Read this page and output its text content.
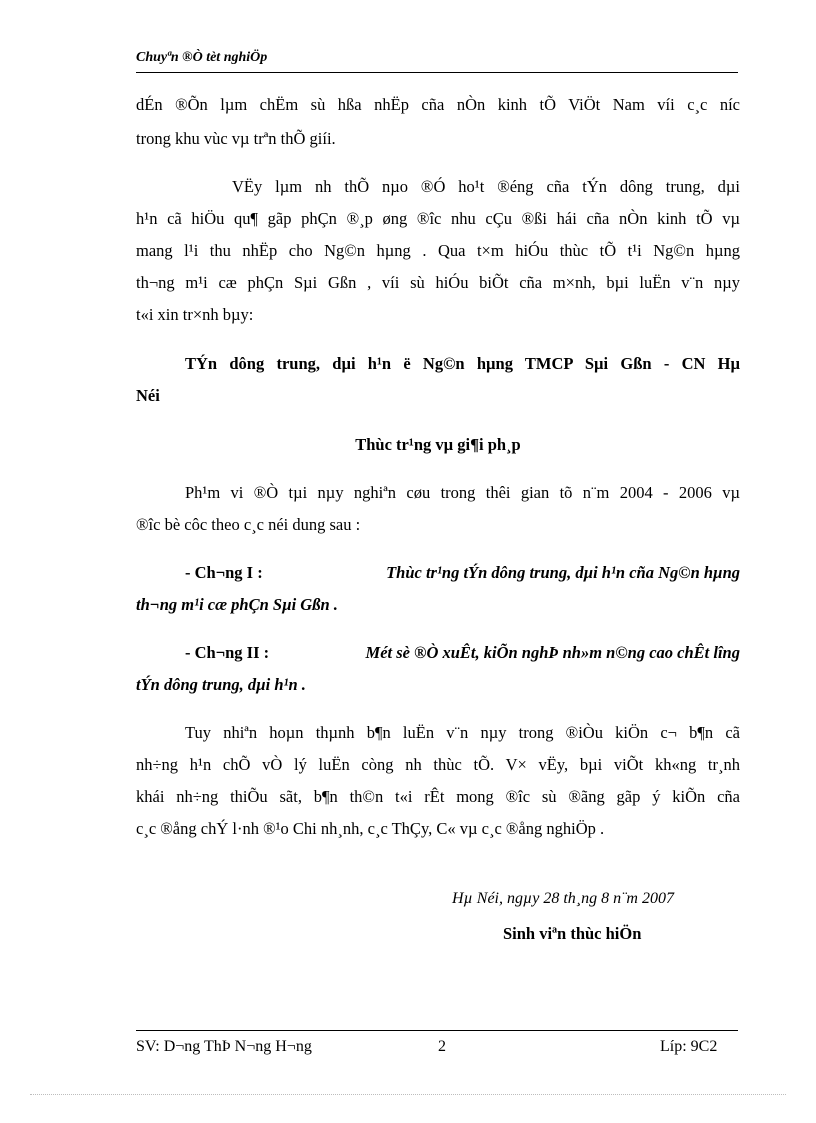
Chuyªn ®Ò tèt nghiÖp
dÉn ®Õn lµm chËm sù hßa nhËp cña nÒn kinh tÕ ViÖt Nam víi c¸c níc
trong khu vùc vµ trªn thÕ giíi.
VËy lµm nh thÕ nµo ®Ó ho¹t ®éng cña tÝn dông trung, dµi
h¹n cã hiÖu qu¶ gãp phÇn ®¸p øng ®îc nhu cÇu ®ßi hái cña nÒn kinh tÕ vµ
mang l¹i thu nhËp cho Ng©n hµng . Qua t×m hiÓu thùc tÕ t¹i Ng©n hµng
th¬ng m¹i cæ phÇn Sµi Gßn , víi sù hiÓu biÕt cña m×nh, bµi luËn v¨n nµy
t«i xin tr×nh bµy:
TÝn dông trung, dµi h¹n ë Ng©n hµng TMCP Sµi Gßn - CN Hµ
Néi
Thùc tr¹ng vµ gi¶i ph¸p
Ph¹m vi ®Ò tµi nµy nghiªn cøu trong thêi gian tõ n¨m 2004 - 2006 vµ
®îc bè côc theo c¸c néi dung sau :
- Ch¬ng I :	Thùc tr¹ng tÝn dông trung, dµi h¹n cña Ng©n hµng
th¬ng m¹i cæ phÇn Sµi Gßn .
- Ch¬ng II :	Mét sè ®Ò xuÊt, kiÕn nghÞ nh»m n©ng cao chÊt lîng
tÝn dông trung, dµi h¹n .
Tuy nhiªn hoµn thµnh b¶n luËn v¨n nµy trong ®iÒu kiÖn c¬ b¶n cã
nh÷ng h¹n chÕ vÒ lý luËn còng nh thùc tÕ. V× vËy, bµi viÕt kh«ng tr¸nh
khái nh÷ng thiÕu sãt, b¶n th©n t«i rÊt mong ®îc sù ®ãng gãp ý kiÕn cña
c¸c ®ång chÝ l·nh ®¹o Chi nh¸nh, c¸c ThÇy, C« vµ c¸c ®ång nghiÖp .
Hµ Néi, ngµy 28 th¸ng 8 n¨m 2007
Sinh viªn thùc hiÖn
SV: D¬ng ThÞ N¬ng H¬ng	2	Líp: 9C2
